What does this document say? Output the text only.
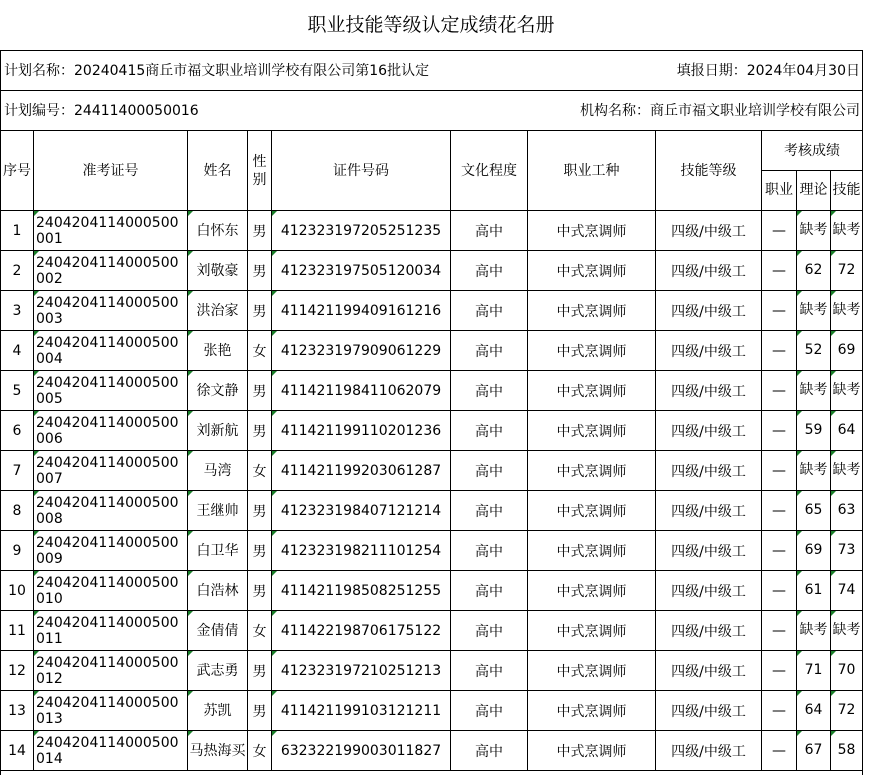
职业技能等级认定成绩花名册
计划名称：20240415商丘市福文职业培训学校有限公司第16批认定	填报日期：2024年04月30日
计划编号：24411400050016	机构名称：商丘市福文职业培训学校有限公司
序号	准考证号	姓名	性别	证件号码	文化程度	职业工种	技能等级	考核成绩		
								职业	理论	技能
1	2404204114000500001	白怀东	男	412323197205251235	高中	中式烹调师	四级/中级工	—	缺考	缺考
2	2404204114000500002	刘敬豪	男	412323197505120034	高中	中式烹调师	四级/中级工	—	62	72
3	2404204114000500003	洪治家	男	411421199409161216	高中	中式烹调师	四级/中级工	—	缺考	缺考
4	2404204114000500004	张艳	女	412323197909061229	高中	中式烹调师	四级/中级工	—	52	69
5	2404204114000500005	徐文静	男	411421198411062079	高中	中式烹调师	四级/中级工	—	缺考	缺考
6	2404204114000500006	刘新航	男	411421199110201236	高中	中式烹调师	四级/中级工	—	59	64
7	2404204114000500007	马湾	女	411421199203061287	高中	中式烹调师	四级/中级工	—	缺考	缺考
8	2404204114000500008	王继帅	男	412323198407121214	高中	中式烹调师	四级/中级工	—	65	63
9	2404204114000500009	白卫华	男	412323198211101254	高中	中式烹调师	四级/中级工	—	69	73
10	2404204114000500010	白浩林	男	411421198508251255	高中	中式烹调师	四级/中级工	—	61	74
11	2404204114000500011	金倩倩	女	411422198706175122	高中	中式烹调师	四级/中级工	—	缺考	缺考
12	2404204114000500012	武志勇	男	412323197210251213	高中	中式烹调师	四级/中级工	—	71	70
13	2404204114000500013	苏凯	男	411421199103121211	高中	中式烹调师	四级/中级工	—	64	72
14	2404204114000500014	马热海买	女	632322199003011827	高中	中式烹调师	四级/中级工	—	67	58
